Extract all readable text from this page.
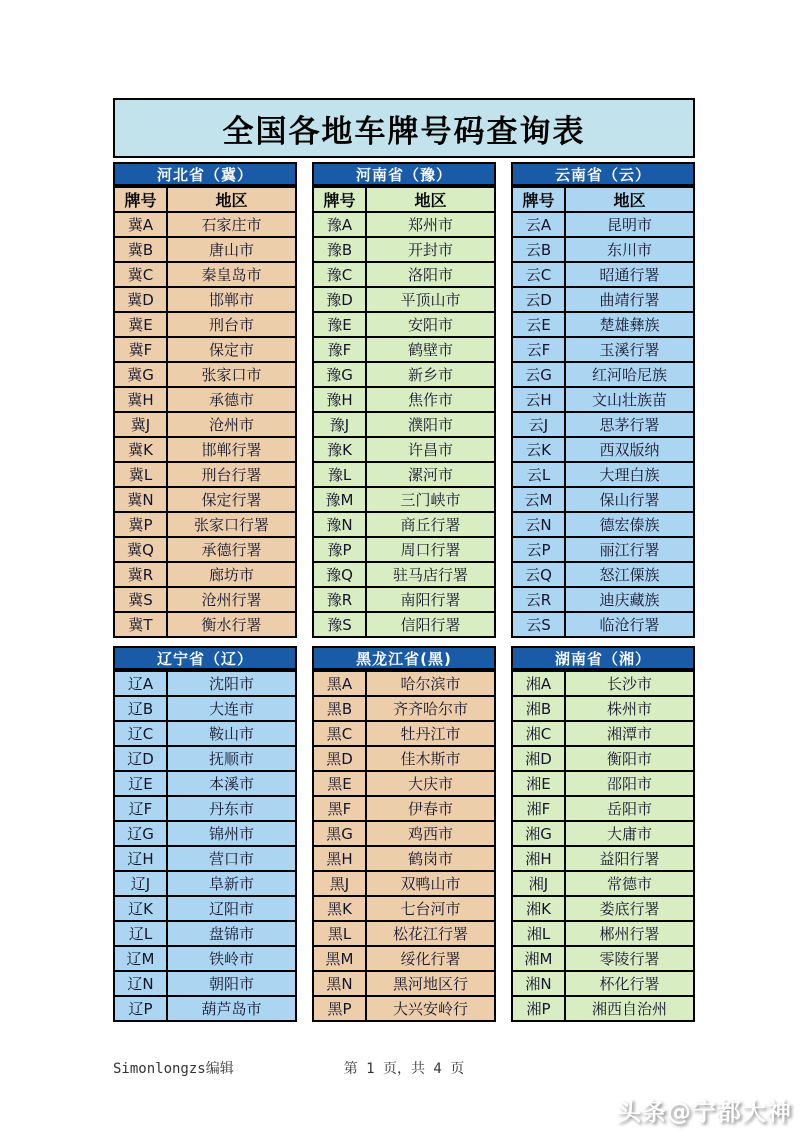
全国各地车牌号码查询表
河北省（冀）
牌号	地区
冀A	石家庄市
冀B	唐山市
冀C	秦皇岛市
冀D	邯郸市
冀E	刑台市
冀F	保定市
冀G	张家口市
冀H	承德市
冀J	沧州市
冀K	邯郸行署
冀L	刑台行署
冀N	保定行署
冀P	张家口行署
冀Q	承德行署
冀R	廊坊市
冀S	沧州行署
冀T	衡水行署
河南省（豫）
牌号	地区
豫A	郑州市
豫B	开封市
豫C	洛阳市
豫D	平顶山市
豫E	安阳市
豫F	鹤壁市
豫G	新乡市
豫H	焦作市
豫J	濮阳市
豫K	许昌市
豫L	漯河市
豫M	三门峡市
豫N	商丘行署
豫P	周口行署
豫Q	驻马店行署
豫R	南阳行署
豫S	信阳行署
云南省（云）
牌号	地区
云A	昆明市
云B	东川市
云C	昭通行署
云D	曲靖行署
云E	楚雄彝族
云F	玉溪行署
云G	红河哈尼族
云H	文山壮族苗
云J	思茅行署
云K	西双版纳
云L	大理白族
云M	保山行署
云N	德宏傣族
云P	丽江行署
云Q	怒江傈族
云R	迪庆藏族
云S	临沧行署
辽宁省（辽）
辽A	沈阳市
辽B	大连市
辽C	鞍山市
辽D	抚顺市
辽E	本溪市
辽F	丹东市
辽G	锦州市
辽H	营口市
辽J	阜新市
辽K	辽阳市
辽L	盘锦市
辽M	铁岭市
辽N	朝阳市
辽P	葫芦岛市
黑龙江省(黑)
黑A	哈尔滨市
黑B	齐齐哈尔市
黑C	牡丹江市
黑D	佳木斯市
黑E	大庆市
黑F	伊春市
黑G	鸡西市
黑H	鹤岗市
黑J	双鸭山市
黑K	七台河市
黑L	松花江行署
黑M	绥化行署
黑N	黑河地区行
黑P	大兴安岭行
湖南省（湘）
湘A	长沙市
湘B	株州市
湘C	湘潭市
湘D	衡阳市
湘E	邵阳市
湘F	岳阳市
湘G	大庸市
湘H	益阳行署
湘J	常德市
湘K	娄底行署
湘L	郴州行署
湘M	零陵行署
湘N	杯化行署
湘P	湘西自治州
Simonlongzs编辑	第 1 页，共 4 页
头条@宁都大神
